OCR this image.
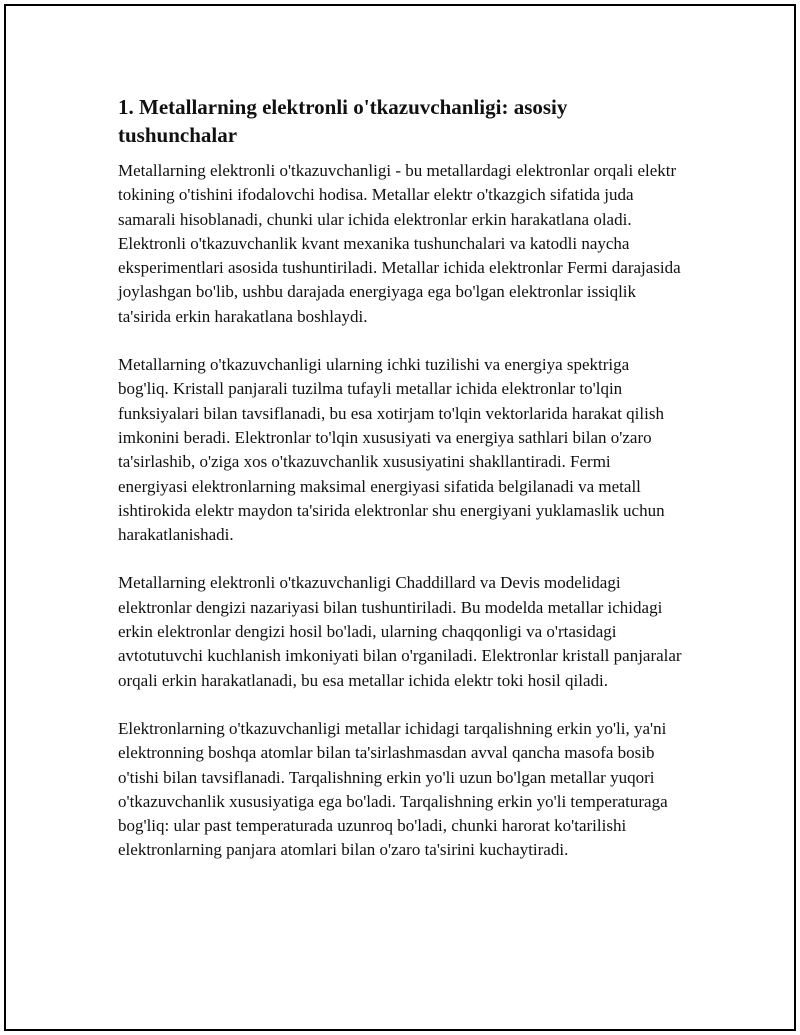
1. Metallarning elektronli o'tkazuvchanligi: asosiy tushunchalar

Metallarning elektronli o'tkazuvchanligi - bu metallardagi elektronlar orqali elektr tokining o'tishini ifodalovchi hodisa. Metallar elektr o'tkazgich sifatida juda samarali hisoblanadi, chunki ular ichida elektronlar erkin harakatlana oladi. Elektronli o'tkazuvchanlik kvant mexanika tushunchalari va katodli naycha eksperimentlari asosida tushuntiriladi. Metallar ichida elektronlar Fermi darajasida joylashgan bo'lib, ushbu darajada energiyaga ega bo'lgan elektronlar issiqlik ta'sirida erkin harakatlana boshlaydi.

Metallarning o'tkazuvchanligi ularning ichki tuzilishi va energiya spektriga bog'liq. Kristall panjarali tuzilma tufayli metallar ichida elektronlar to'lqin funksiyalari bilan tavsiflanadi, bu esa xotirjam to'lqin vektorlarida harakat qilish imkonini beradi. Elektronlar to'lqin xususiyati va energiya sathlari bilan o'zaro ta'sirlashib, o'ziga xos o'tkazuvchanlik xususiyatini shakllantiradi. Fermi energiyasi elektronlarning maksimal energiyasi sifatida belgilanadi va metall ishtirokida elektr maydon ta'sirida elektronlar shu energiyani yuklamaslik uchun harakatlanishadi.

Metallarning elektronli o'tkazuvchanligi Chaddillard va Devis modelidagi elektronlar dengizi nazariyasi bilan tushuntiriladi. Bu modelda metallar ichidagi erkin elektronlar dengizi hosil bo'ladi, ularning chaqqonligi va o'rtasidagi avtotutuvchi kuchlanish imkoniyati bilan o'rganiladi. Elektronlar kristall panjaralar orqali erkin harakatlanadi, bu esa metallar ichida elektr toki hosil qiladi.

Elektronlarning o'tkazuvchanligi metallar ichidagi tarqalishning erkin yo'li, ya'ni elektronning boshqa atomlar bilan ta'sirlashmasdan avval qancha masofa bosib o'tishi bilan tavsiflanadi. Tarqalishning erkin yo'li uzun bo'lgan metallar yuqori o'tkazuvchanlik xususiyatiga ega bo'ladi. Tarqalishning erkin yo'li temperaturaga bog'liq: ular past temperaturada uzunroq bo'ladi, chunki harorat ko'tarilishi elektronlarning panjara atomlari bilan o'zaro ta'sirini kuchaytiradi.
